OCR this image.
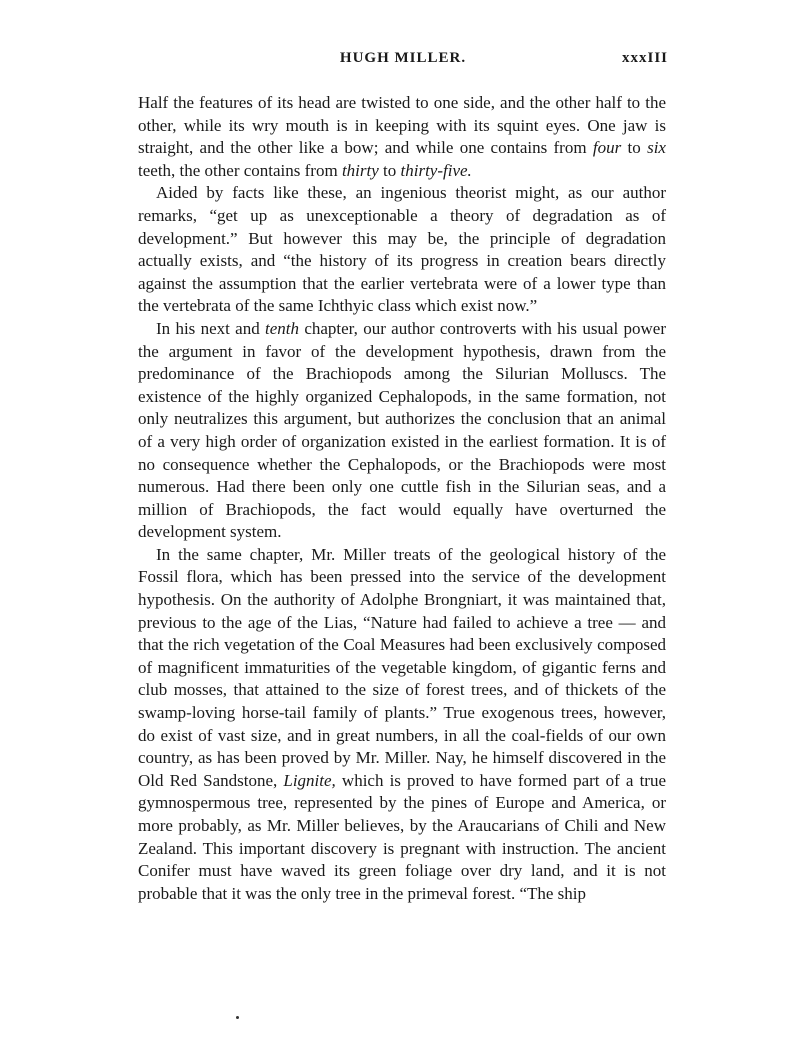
HUGH MILLER.	xxxIII

Half the features of its head are twisted to one side, and the other half to the other, while its wry mouth is in keeping with its squint eyes. One jaw is straight, and the other like a bow; and while one contains from four to six teeth, the other contains from thirty to thirty-five.

Aided by facts like these, an ingenious theorist might, as our author remarks, “get up as unexceptionable a theory of degradation as of development.” But however this may be, the principle of degradation actually exists, and “the history of its progress in creation bears directly against the assumption that the earlier vertebrata were of a lower type than the vertebrata of the same Ichthyic class which exist now.”

In his next and tenth chapter, our author controverts with his usual power the argument in favor of the development hypothesis, drawn from the predominance of the Brachiopods among the Silurian Molluscs. The existence of the highly organized Cephalopods, in the same formation, not only neutralizes this argument, but authorizes the conclusion that an animal of a very high order of organization existed in the earliest formation. It is of no consequence whether the Cephalopods, or the Brachiopods were most numerous. Had there been only one cuttle fish in the Silurian seas, and a million of Brachiopods, the fact would equally have overturned the development system.

In the same chapter, Mr. Miller treats of the geological history of the Fossil flora, which has been pressed into the service of the development hypothesis. On the authority of Adolphe Brongniart, it was maintained that, previous to the age of the Lias, “Nature had failed to achieve a tree — and that the rich vegetation of the Coal Measures had been exclusively composed of magnificent immaturities of the vegetable kingdom, of gigantic ferns and club mosses, that attained to the size of forest trees, and of thickets of the swamp-loving horse-tail family of plants.” True exogenous trees, however, do exist of vast size, and in great numbers, in all the coal-fields of our own country, as has been proved by Mr. Miller. Nay, he himself discovered in the Old Red Sandstone, Lignite, which is proved to have formed part of a true gymnospermous tree, represented by the pines of Europe and America, or more probably, as Mr. Miller believes, by the Araucarians of Chili and New Zealand. This important discovery is pregnant with instruction. The ancient Conifer must have waved its green foliage over dry land, and it is not probable that it was the only tree in the primeval forest. “The ship
